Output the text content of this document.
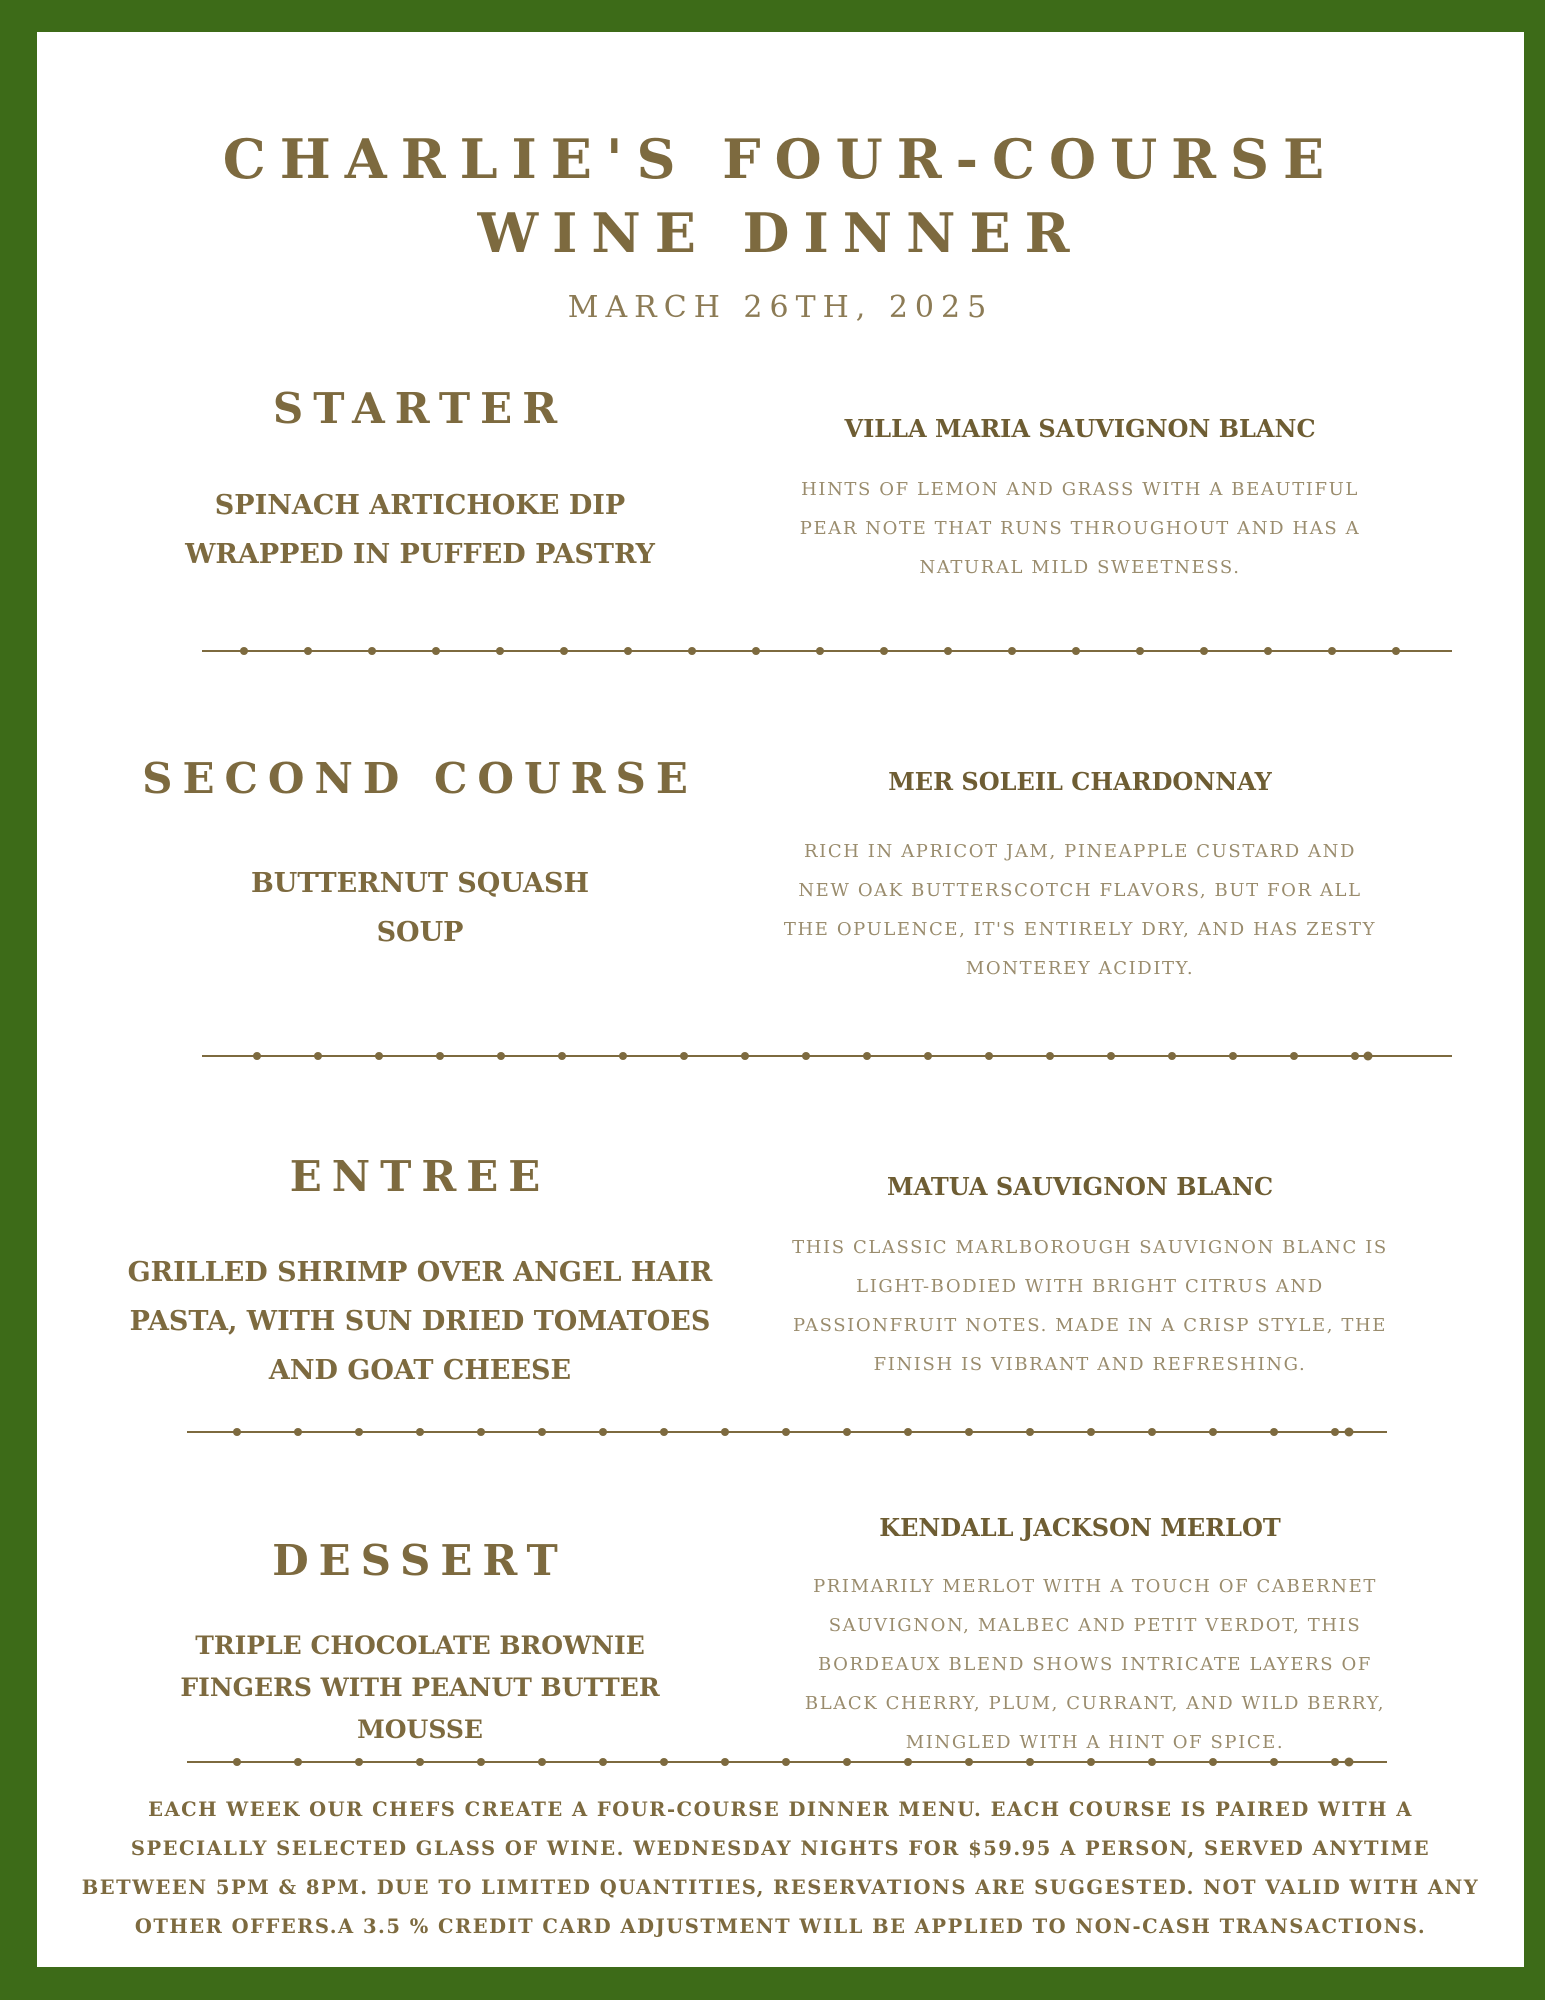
CHARLIE'S FOUR-COURSE
WINE DINNER
MARCH 26TH, 2025
STARTER
SPINACH ARTICHOKE DIP WRAPPED IN PUFFED PASTRY
VILLA MARIA SAUVIGNON BLANC
HINTS OF LEMON AND GRASS WITH A BEAUTIFUL PEAR NOTE THAT RUNS THROUGHOUT AND HAS A NATURAL MILD SWEETNESS.
SECOND COURSE
BUTTERNUT SQUASH SOUP
MER SOLEIL CHARDONNAY
RICH IN APRICOT JAM, PINEAPPLE CUSTARD AND NEW OAK BUTTERSCOTCH FLAVORS, BUT FOR ALL THE OPULENCE, IT'S ENTIRELY DRY, AND HAS ZESTY MONTEREY ACIDITY.
ENTREE
GRILLED SHRIMP OVER ANGEL HAIR PASTA, WITH SUN DRIED TOMATOES AND GOAT CHEESE
MATUA SAUVIGNON BLANC
THIS CLASSIC MARLBOROUGH SAUVIGNON BLANC IS LIGHT-BODIED WITH BRIGHT CITRUS AND PASSIONFRUIT NOTES. MADE IN A CRISP STYLE, THE FINISH IS VIBRANT AND REFRESHING.
DESSERT
TRIPLE CHOCOLATE BROWNIE FINGERS WITH PEANUT BUTTER MOUSSE
KENDALL JACKSON MERLOT
PRIMARILY MERLOT WITH A TOUCH OF CABERNET SAUVIGNON, MALBEC AND PETIT VERDOT, THIS BORDEAUX BLEND SHOWS INTRICATE LAYERS OF BLACK CHERRY, PLUM, CURRANT, AND WILD BERRY, MINGLED WITH A HINT OF SPICE.
EACH WEEK OUR CHEFS CREATE A FOUR-COURSE DINNER MENU. EACH COURSE IS PAIRED WITH A SPECIALLY SELECTED GLASS OF WINE. WEDNESDAY NIGHTS FOR $59.95 A PERSON, SERVED ANYTIME BETWEEN 5PM & 8PM. DUE TO LIMITED QUANTITIES, RESERVATIONS ARE SUGGESTED. NOT VALID WITH ANY OTHER OFFERS.A 3.5 % CREDIT CARD ADJUSTMENT WILL BE APPLIED TO NON-CASH TRANSACTIONS.
